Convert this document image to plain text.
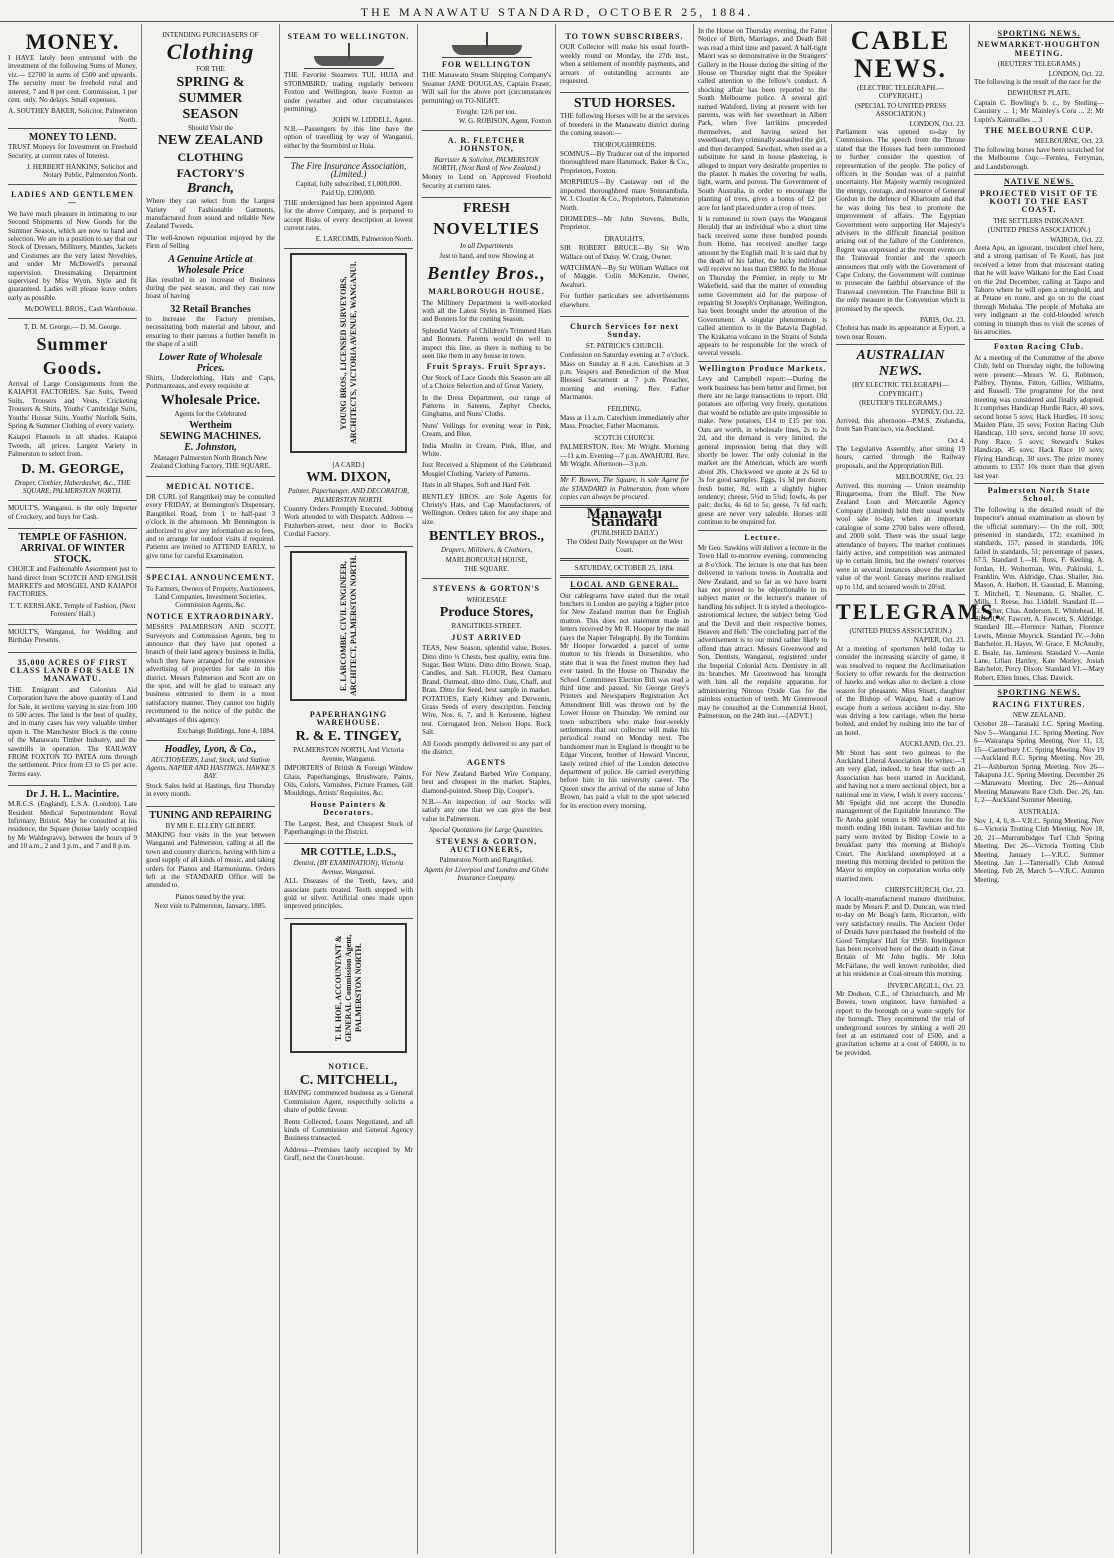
THE MANAWATU STANDARD, OCTOBER 25, 1884.
MONEY.
I HAVE lately been entrusted with the investment of the following Sums of Money, viz.— £2700 in sums of £500 and upwards. The security must be freehold rural and interest, 7 and 8 per cent. Commission, 1 per cent. only. No delays. Small expenses.
A. SOUTHEY BAKER, Solicitor, Palmerston North.
MONEY TO LEND.
TRUST Moneys for Investment on Freehold Security, at current rates of Interest.
J. HERBERT HANKINS, Solicitor and Notary Public, Palmerston North.
LADIES AND GENTLEMEN—
We have much pleasure in intimating to our Second Shipments of New Goods for the Summer Season, which are now to hand and selection. We are in a position to say that our Stock of Dresses, Millinery, Mantles, Jackets and Costumes are the very latest Novelties, and under Mr McDowell's personal supervision. Dressmaking Department supervised by Miss Wynn. Style and fit guaranteed. Ladies will please leave orders early as possible.
McDOWELL BROS., Cash Warehouse.
T. D. M. George,— D. M. George.
Summer Goods.
Arrival of Large Consignments from the KAIAPOI FACTORIES. Sac Suits, Tweed Suits, Trousers and Vests, Cricketing Trousers & Shirts, Youths' Cambridge Suits, Youths' Hussar Suits, Youths' Norfolk Suits, Spring & Summer Clothing of every variety.
Kaiapoi Flannels in all shades. Kaiapoi Tweeds, all prices. Largest Variety in Palmerston to select from.
D. M. GEORGE,
Draper, Clothier, Haberdasher, &c., THE SQUARE, PALMERSTON NORTH.
MOULT'S, Wanganui, is the only Importer of Crockery, and buys for Cash.
TEMPLE OF FASHION.
ARRIVAL OF WINTER STOCK.
CHOICE and Fashionable Assortment just to hand direct from SCOTCH AND ENGLISH MARKETS and MOSGIEL AND KAIAPOI FACTORIES.
T. T. KERSLAKE, Temple of Fashion, (Next Foresters' Hall.)
MOULT'S, Wanganui, for Wedding and Birthday Presents.
35,000 ACRES OF FIRST CLASS LAND FOR SALE IN MANAWATU.
THE Emigrant and Colonists Aid Corporation have the above quantity of Land for Sale, in sections varying in size from 100 to 500 acres. The land is the best of quality, and in many cases has very valuable timber upon it. The Manchester Block is the centre of the Manawatu Timber Industry, and the sawmills in operation. The RAILWAY FROM FOXTON TO PATEA runs through the settlement. Price from £3 to £5 per acre. Terms easy.
Dr J. H. L. Macintire.
M.R.C.S. (England), L.S.A. (London). Late Resident Medical Superintendent Royal Infirmary, Bristol. May be consulted at his residence, the Square (house lately occupied by Mr Waldegrave), between the hours of 9 and 10 a.m., 2 and 3 p.m., and 7 and 8 p.m.
INTENDING PURCHASERS OF
Clothing
FOR THE
SPRING & SUMMER
SEASON
Should Visit the
NEW ZEALAND
CLOTHING FACTORY'S
Branch,
Where they can select from the Largest Variety of Fashionable Garments, manufactured from sound and reliable New Zealand Tweeds.
The well-known reputation enjoyed by the Firm of Selling
A Genuine Article at Wholesale Price
Has resulted in an increase of Business during the past season, and they can now boast of having
32 Retail Branches
to increase the Factory premises, necessitating both material and labour, and ensuring to their patrons a further benefit in the shape of a still
Lower Rate of Wholesale Prices.
Shirts, Underclothing, Hats and Caps, Portmanteaus, and every requisite at
Wholesale Price.
Agents for the Celebrated
Wertheim
SEWING MACHINES.
E. Johnston,
Manager Palmerston North Branch New Zealand Clothing Factory, THE SQUARE.
MEDICAL NOTICE.
DR CURL (of Rangitikei) may be consulted every FRIDAY, at Bennington's Dispensary, Rangitikei Road, from 1 to half-past 3 o'clock in the afternoon. Mr Bennington is authorized to give any information as to fees, and to arrange for outdoor visits if required. Patients are invited to ATTEND EARLY, to give time for careful Examination.
SPECIAL ANNOUNCEMENT.
To Farmers, Owners of Property, Auctioneers, Land Companies, Investment Societies, Commission Agents, &c.
NOTICE EXTRAORDINARY.
MESSRS PALMERSON AND SCOTT, Surveyors and Commission Agents, beg to announce that they have just opened a branch of their land agency business in India, which they have arranged for the extensive advertising of properties for sale in this district. Messrs Palmerson and Scott are on the spot, and will be glad to transact any business entrusted to them in a most satisfactory manner. They cannot too highly recommend to the notice of the public the advantages of this agency.
Exchange Buildings, June 4, 1884.
Hoadley, Lyon, & Co.,
AUCTIONEERS, Land, Stock, and Station Agents, NAPIER AND HASTINGS, HAWKE'S BAY.
Stock Sales held at Hastings, first Thursday in every month.
TUNING AND REPAIRING
BY MR E. ELLERY GILBERT.
MAKING four visits in the year between Wanganui and Palmerston, calling at all the town and country districts, having with him a good supply of all kinds of music, and taking orders for Pianos and Harmoniums. Orders left at the STANDARD Office will be attended to.
Pianos tuned by the year.
Next visit to Palmerston, January, 1885.
STEAM TO WELLINGTON.
THE Favorite Steamers TUI, HUIA and STORMBIRD, trading regularly between Foxton and Wellington, leave Foxton as under (weather and other circumstances permitting).
JOHN W. LIDDELL, Agent.
N.B.—Passengers by this line have the option of travelling by way of Wanganui, either by the Stormbird or Huia.
The Fire Insurance Association, (Limited.)
Capital, fully subscribed, £1,000,000.
Paid Up, £200,000.
THE undersigned has been appointed Agent for the above Company, and is prepared to accept Risks of every description at lowest current rates.
E. LARCOMB, Palmerston North.
YOUNG BROS., LICENSED SURVEYORS, ARCHITECTS, VICTORIA AVENUE, WANGANUI.
[A CARD.]
WM. DIXON,
Painter, Paperhanger, AND DECORATOR, PALMERSTON NORTH.
Country Orders Promptly Executed. Jobbing Work attended to with Despatch. Address — Fitzherbert-street, next door to Bock's Cordial Factory.
E. LARCOMBE, CIVIL ENGINEER, ARCHITECT, PALMERSTON NORTH.
PAPERHANGING WAREHOUSE.
R. & E. TINGEY,
PALMERSTON NORTH, And Victoria Avenue, Wanganui.
IMPORTERS of British & Foreign Window Glass, Paperhangings, Brushware, Paints, Oils, Colors, Varnishes, Picture Frames, Gilt Mouldings, Artists' Requisites, &c.
House Painters & Decorators.
The Largest, Best, and Cheapest Stock of Paperhangings in the District.
MR COTTLE, L.D.S.,
Dentist, (BY EXAMINATION), Victoria Avenue, Wanganui.
ALL Diseases of the Teeth, Jaws, and associate parts treated. Teeth stopped with gold or silver. Artificial ones made upon improved principles.
T. H. HOE, ACCOUNTANT & GENERAL Commission Agent, PALMERSTON NORTH.
NOTICE.
C. MITCHELL,
HAVING commenced business as a General Commission Agent, respectfully solicits a share of public favour.
Rents Collected, Loans Negotiated, and all kinds of Commission and General Agency Business transacted.
Address—Premises lately occupied by Mr Graff, next the Court-house.
FOR WELLINGTON
THE Manawatu Steam Shipping Company's Steamer JANE DOUGLAS, Captain Fraser, Will sail for the above port (circumstances permitting) on TO-NIGHT.
Freight: 12/6 per ton.
W. G. ROBISON, Agent, Foxton
A. R. FLETCHER JOHNSTON,
Barrister & Solicitor, PALMERSTON NORTH, (Next Bank of New Zealand.)
Money to Lend on Approved Freehold Security at current rates.
FRESH
NOVELTIES
In all Departments
Just to hand, and now Showing at
Bentley Bros.,
MARLBOROUGH HOUSE.
The Millinery Department is well-stocked with all the Latest Styles in Trimmed Hats and Bonnets for the coming Season.
Splendid Variety of Children's Trimmed Hats and Bonnets. Parents would do well to inspect this line, as there is nothing to be seen like them in any house in town.
Fruit Sprays. Fruit Sprays.
Our Stock of Lace Goods this Season are all of a Choice Selection and of Great Variety.
In the Dress Department, our range of Patterns in Sateens, Zephyr Checks, Ginghams, and Nuns' Cloths.
Nuns' Veilings for evening wear in Pink, Cream, and Blue.
India Muslin in Cream, Pink, Blue, and White.
Just Received a Shipment of the Celebrated Mosgiel Clothing. Variety of Patterns.
Hats in all Shapes, Soft and Hard Felt.
BENTLEY BROS. are Sole Agents for Christy's Hats, and Cap Manufacturers, of Wellington. Orders taken for any shape and size.
BENTLEY BROS.,
Drapers, Milliners, & Clothiers,
MARLBOROUGH HOUSE,
THE SQUARE.
STEVENS & GORTON'S
WHOLESALE
Produce Stores,
RANGITIKEI-STREET.
JUST ARRIVED
TEAS, New Season, splendid value, Boxes. Ditto ditto ½ Chests, best quality, extra fine. Sugar, Best White. Ditto ditto Brown. Soap, Candles, and Salt. FLOUR, Best Oamaru Brand. Oatmeal, ditto ditto. Oats, Chaff, and Bran. Ditto for Seed, best sample in market. POTATOES, Early Kidney and Derwents, Grass Seeds of every description. Fencing Wire, Nos. 6, 7, and 8. Kerosene, highest test. Corrugated Iron. Nelson Hops. Rock Salt.
All Goods promptly delivered to any part of the district.
AGENTS
For New Zealand Barbed Wire Company, best and cheapest in the market. Staples, diamond-pointed. Sheep Dip, Cooper's.
N.B.—An inspection of our Stocks will satisfy any one that we can give the best value in Palmerston.
Special Quotations for Large Quantities.
STEVENS & GORTON, AUCTIONEERS,
Palmerston North and Rangitikei.
Agents for Liverpool and London and Globe Insurance Company.
TO TOWN SUBSCRIBERS.
OUR Collector will make his usual fourth-weekly round on Monday, the 27th inst., when a settlement of monthly payments, and arrears of outstanding accounts are requested.
STUD HORSES.
THE following Horses will be at the services of breeders in the Manawatu district during the coming season:—
THOROUGHBREDS.
SOMNUS—By Traducer out of the imported thoroughbred mare Hammock. Baker & Co., Proprietors, Foxton.
MORPHEUS—By Castaway out of the imported thoroughbred mare Somnambula. W. J. Cloutier & Co., Proprietors, Palmerston North.
DIOMEDES—Mr John Stevens, Bulls, Proprietor.
DRAUGHTS.
SIR ROBERT BRUCE—By Sir Wm Wallace out of Daisy. W. Craig, Owner.
WATCHMAN—By Sir William Wallace out of Maggie. Colin McKenzie, Owner, Awahuri.
For further particulars see advertisements elsewhere.
Church Services for next Sunday.
ST. PATRICK'S CHURCH.
Confession on Saturday evening at 7 o'clock. Mass on Sunday at 8 a.m. Catechism at 3 p.m. Vespers and Benediction of the Most Blessed Sacrament at 7 p.m. Preacher, morning and evening, Rev. Father Macmanus.
FEILDING.
Mass at 11 a.m. Catechism immediately after Mass. Preacher, Father Macmanus.
SCOTCH CHURCH.
PALMERSTON. Rev. Mr Wright. Morning—11 a.m. Evening—7 p.m. AWAHURI. Rev. Mr Wright. Afternoon—3 p.m.
Mr F. Bowen, The Square, is sole Agent for the STANDARD in Palmerston, from whom copies can always be procured.
Manawatu Standard
(PUBLISHED DAILY.)
The Oldest Daily Newspaper on the West Coast.
SATURDAY, OCTOBER 25, 1884.
LOCAL AND GENERAL.
Our cablegrams have stated that the retail butchers in London are paying a higher price for New Zealand mutton than for English mutton. This does not statement made in letters received by Mr R. Hooper by the mail (says the Napier Telegraph). By the Tomkins Mr Hooper forwarded a parcel of some mutton to his friends in Dorsetshire, who state that it was the finest mutton they had ever tasted. In the House on Thursday the School Committees Election Bill was read a third time and passed. Sir George Grey's Printers and Newspapers Registration Act Amendment Bill was thrown out by the Lower House on Thursday. We remind our town subscribers who make four-weekly settlements that our collector will make his periodical round on Monday next. The handsomest man in England is thought to be Edgar Vincent, brother of Howard Vincent, lately retired chief of the London detective department of police. He carried everything before him in his university career. The Queen since the arrival of the statue of John Brown, has paid a visit to the spot selected for its erection every morning.
In the House on Thursday evening, the Fatter Notice of Birth, Marriages, and Death Bill was read a third time and passed. A half-tight Maori was so demonstrative in the Strangers' Gallery in the House during the sitting of the House on Thursday night that the Speaker called attention to the fellow's conduct. A shocking affair has been reported to the South Melbourne police. A several girl named Walsford, living at present with her parents, was with her sweetheart in Albert Park, when five larrikins proceeded themselves, and having seized her sweetheart, they criminally assaulted the girl, and then decamped. Sawdust, when used as a substitute for sand in house plastering, is alleged to impart very desirable properties to the plaster. It makes the covering for walls, light, warm, and porous. The Government of South Australia, in order to encourage the planting of trees, gives a bonus of £2 per acre for land placed under a crop of trees.
It is rumoured in town (says the Wanganui Herald) that an individual who a short time back received some three hundred pounds from Home, has received another large amount by the English mail. It is said that by the death of his father, the lucky individual will receive no less than £9800. In the House on Thursday the Premier, in reply to Mr Wakefield, said that the matter of extending some Government aid for the purpose of repairing St Joseph's Orphanage, Wellington, has been brought under the attention of the Government. A singular phenomenon is called attention to in the Batavia Dagblad. The Krakatoa volcano in the Straits of Sunda appears to be responsible for the wreck of several vessels.
Wellington Produce Markets.
Levy and Campbell report:—During the week business has been better and firmer, but there are no large transactions to report. Old potatoes are offering very freely, quotations that would be reliable are quite impossible to make. New potatoes, £14 to £15 per ton. Oats are worth, in wholesale lines, 2s to 2s 2d, and the demand is very limited, the general impression being that they will shortly be lower. The only colonial in the market are the American, which are worth about 20s. Chickweed we quote at 2s 6d to 3s for good samples. Eggs, 1s 3d per dozen; fresh butter, 8d, with a slightly higher tendency; cheese, 5½d to 5¾d; fowls, 4s per pair; ducks, 4s 6d to 5s; geese, 7s 6d each; geese are never very saleable. Horses still continue to be enquired for.
Lecture.
Mr Geo. Sawkins will deliver a lecture in the Town Hall to-morrow evening, commencing at 8 o'clock. The lecture is one that has been delivered in various towns in Australia and New Zealand, and so far as we have learnt has not proved to be objectionable in its subject matter or the lecturer's manner of handling his subject. It is styled a theologico-astronomical lecture, the subject being 'God and the Devil and their respective homes, Heaven and Hell.' The concluding part of the advertisement is to our mind rather likely to offend than attract. Messrs Greenwood and Son, Dentists, Wanganui, registered under the Imperial Colonial Acts. Dentistry in all its branches. Mr Greenwood has brought with him all the requisite apparatus for administering Nitrous Oxide Gas for the painless extraction of teeth. Mr Greenwood may be consulted at the Commercial Hotel, Palmerston, on the 24th inst.—[ADVT.]
CABLE NEWS.
(ELECTRIC TELEGRAPH.—COPYRIGHT.)
(SPECIAL TO UNITED PRESS ASSOCIATION.)
LONDON, Oct. 23.
Parliament was opened to-day by Commission. The speech from the Throne stated that the Houses had been summoned to further consider the question of representation of the people. The policy of officers in the Soudan was of a painful uncertainty. Her Majesty warmly recognized the energy, courage, and resource of General Gordon in the defence of Khartoum and that he was doing his best to promote the improvement of affairs. The Egyptian Government were supporting Her Majesty's advisers in the difficult financial position arising out of the failure of the Conference. Regret was expressed at the recent events on the Transvaal frontier and the speech announces that only with the Government of Cape Colony, the Government will continue to prosecute the faithful observance of the Transvaal convention. The Franchise Bill is the only measure in the Convention which is promised by the speech.
PARIS, Oct. 23.
Cholera has made its appearance at Eyport, a town near Rouen.
AUSTRALIAN NEWS.
(BY ELECTRIC TELEGRAPH—COPYRIGHT.)
(REUTER'S TELEGRAMS.)
SYDNEY, Oct. 22.
Arrived, this afternoon—P.M.S. Zealandia, from San Francisco, via Auckland.
Oct 4.
The Legislative Assembly, after sitting 19 hours, carried through the Railway proposals, and the Appropriation Bill.
MELBOURNE, Oct. 23.
Arrived, this morning — Union steamship Ringarooma, from the Bluff. The New Zealand Loan and Mercantile Agency Company (Limited) held their usual weekly wool sale to-day, when an important catalogue of some 2700 bales were offered, and 2000 sold. There was the usual large attendance of buyers. The market continues fairly active, and competition was animated up to certain limits, but the owners' reserves were in several instances above the market value of the wool. Greasy merinos realised up to 11d, and scoured wools to 20½d.
TELEGRAMS.
(UNITED PRESS ASSOCIATION.)
NAPIER, Oct. 23.
At a meeting of sportsmen held today to consider the increasing scarcity of game, it was resolved to request the Acclimatisation Society to offer rewards for the destruction of hawks and wekas also to declare a close season for pheasants. Miss Stuart, daughter of the Bishop of Waiapu, had a narrow escape from a serious accident to-day. She was driving a low carriage, when the horse bolted, and ended by rushing into the bar of an hotel.
AUCKLAND, Oct. 23.
Mr Stout has sent two guineas to the Auckland Liberal Association. He writes:—'I am very glad, indeed, to hear that such an Association has been started in Auckland, and having not a mere sectional object, but a national one in view, I wish it every success.' Mr Speight did not accept the Dunedin management of the Equitable Insurance. The Te Aroha gold return is 800 ounces for the month ending 18th instant. Tawhiao and his party were invited by Bishop Cowie to a breakfast party this morning at Bishop's Court. The Auckland unemployed at a meeting this morning decided to petition the Mayor to employ on corporation works only married men.
CHRISTCHURCH, Oct. 23.
A locally-manufactured manure distributor, made by Messrs P. and D. Duncan, was tried to-day on Mr Boag's farm, Riccarton, with very satisfactory results. The Ancient Order of Druids have purchased the freehold of the Good Templars' Hall for £950. Intelligence has been received here of the death in Great Britain of Mr John Inglis. Mr John McFarlane, the well known runholder, died at his residence at Coal-stream this morning.
INVERCARGILL, Oct. 23.
Mr Dodson, C.E., of Christchurch, and Mr Bowes, town engineer, have furnished a report to the borough on a water supply for the borough. They recommend the trial of underground sources by sinking a well 20 feet at an estimated cost of £500, and a gravitation scheme at a cost of £4000, is to be provided.
SPORTING NEWS.
NEWMARKET-HOUGHTON MEETING.
(REUTERS' TELEGRAMS.)
LONDON, Oct. 22.
The following is the result of the race for the
DEWHURST PLATE.
Captain C. Bowling's b. c., by Sterling—Casuistry ... 1; Mr Mainley's Cora ... 2; Mr Lupin's Xaintrailles ... 3
THE MELBOURNE CUP.
MELBOURNE, Oct. 23.
The following horses have been scratched for the Melbourne Cup:—Fernlea, Ferryman, and Landsborough.
NATIVE NEWS.
PROJECTED VISIT OF TE KOOTI TO THE EAST COAST.
THE SETTLERS INDIGNANT.
(UNITED PRESS ASSOCIATION.)
WAIROA, Oct. 22.
Areta Apu, an ignorant, truculent chief here, and a strong partisan of Te Kooti, has just received a letter from that miscreant stating that he will leave Waikato for the East Coast on the 2nd December, calling at Taupo and Tahoro where he will open a stronghold, and at Petane en route, and go on to the coast through Mohaka. The people of Mohaka are very indignant at the cold-blooded wretch coming in triumph thus to visit the scenes of his atrocities.
Foxton Racing Club.
At a meeting of the Committee of the above Club, held on Thursday night, the following were present:—Messrs W. G. Robinson, Palfrey, Thynne, Fitton, Gillies, Williams, and Russell. The programme for the next meeting was considered and finally adopted. It comprises Handicap Hurdle Race, 40 sovs, second horse 5 sovs; Hack Hurdles, 10 sovs; Maiden Plate, 25 sovs; Foxton Racing Club Handicap, 110 sovs, second horse 10 sovs; Pony Race, 5 sovs; Steward's Stakes Handicap, 45 sovs; Hack Race 10 sovs; Flying Handicap, 30 sovs. The prize money amounts to £357 10s more than that given last year.
Palmerston North State School.
The following is the detailed result of the Inspector's annual examination as shown by the official summary:— On the roll, 300; presented in standards, 172; examined in standards, 157; passed in standards, 106; failed in standards, 51; percentage of passes, 67.5. Standard I.—H. Ross, F. Keeling, A. Jordan, H. Wolterman, Wm. Pakinski, L. Franklin, Wm. Aldridge, Chas. Shailer, Jno. Mason, A. Harbott, H. Gaustad, E. Manning, T. Mitchell, T. Neumann, G. Shailer, C. Mills, J. Reese, Jno. Liddell. Standard II.—G. Archer, Chas. Anderson, E. Whitehead, H. Bickell, W. Fawcett, A. Fawcett, S. Aldridge. Standard III.—Florence Nathan, Florence Lewis, Minnie Meyrick. Standard IV.—John Batchelor, H. Hayes, W. Grace, F. McAnulty, E. Beale, Jas. Jamieson. Standard V.—Annie Lane, Lilian Hartley, Kate Morley, Josiah Batchelor, Percy Dixon. Standard VI.—Mary Robert, Ellen Innes, Chas. Dawick.
SPORTING NEWS.
RACING FIXTURES.
NEW ZEALAND.
October 28—Taranaki J.C. Spring Meeting. Nov 5—Wanganui J.C. Spring Meeting. Nov 6—Wairarapa Spring Meeting. Nov 11, 13, 15—Canterbury J.C. Spring Meeting. Nov 19—Auckland R.C. Spring Meeting. Nov 20, 21—Ashburton Spring Meeting. Nov 26—Takapuna J.C. Spring Meeting. December 26—Manawatu Meeting. Dec 26—Annual Meeting Manawatu Race Club. Dec. 26, Jan. 1, 2—Auckland Summer Meeting.
AUSTRALIA.
Nov 1, 4, 6, 8—V.R.C. Spring Meeting. Nov 6—Victoria Trotting Club Meeting. Nov 18, 20, 21—Murrumbidgee Turf Club Spring Meeting. Dec 26—Victoria Trotting Club Meeting. January 1—V.R.C. Summer Meeting. Jan 1—Tattersall's Club Annual Meeting. Feb 28, March 5—V.R.C. Autumn Meeting.
